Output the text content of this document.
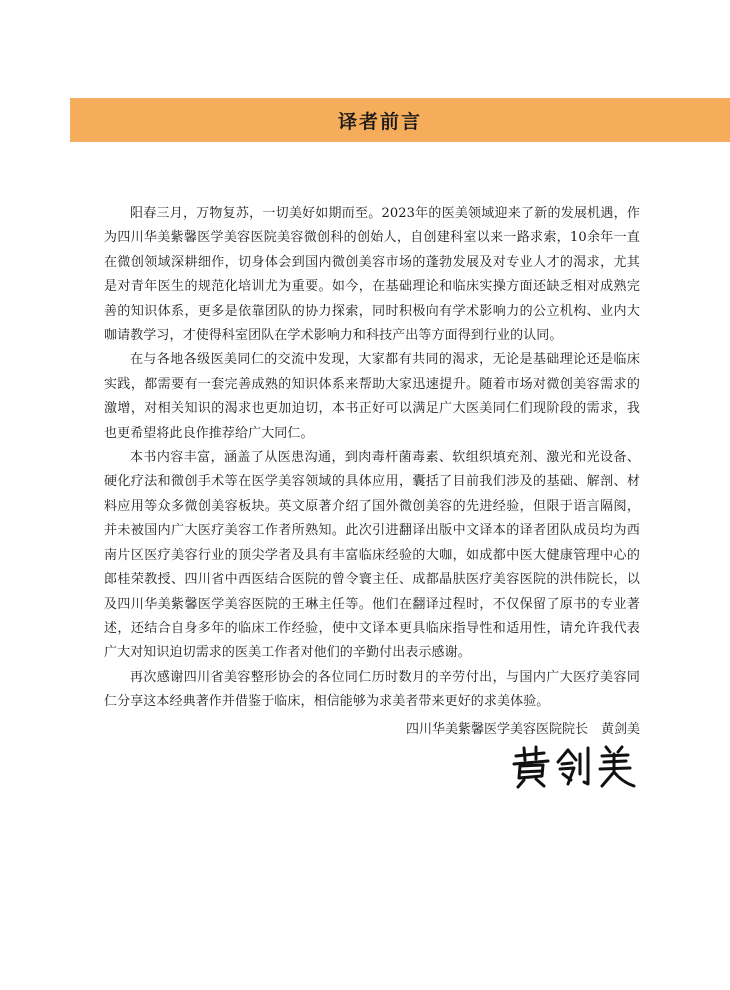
译者前言

阳春三月，万物复苏，一切美好如期而至。2023年的医美领域迎来了新的发展机遇，作为四川华美紫馨医学美容医院美容微创科的创始人，自创建科室以来一路求索，10余年一直在微创领域深耕细作，切身体会到国内微创美容市场的蓬勃发展及对专业人才的渴求，尤其是对青年医生的规范化培训尤为重要。如今，在基础理论和临床实操方面还缺乏相对成熟完善的知识体系，更多是依靠团队的协力探索，同时积极向有学术影响力的公立机构、业内大咖请教学习，才使得科室团队在学术影响力和科技产出等方面得到行业的认同。

在与各地各级医美同仁的交流中发现，大家都有共同的渴求，无论是基础理论还是临床实践，都需要有一套完善成熟的知识体系来帮助大家迅速提升。随着市场对微创美容需求的激增，对相关知识的渴求也更加迫切，本书正好可以满足广大医美同仁们现阶段的需求，我也更希望将此良作推荐给广大同仁。

本书内容丰富，涵盖了从医患沟通，到肉毒杆菌毒素、软组织填充剂、激光和光设备、硬化疗法和微创手术等在医学美容领域的具体应用，囊括了目前我们涉及的基础、解剖、材料应用等众多微创美容板块。英文原著介绍了国外微创美容的先进经验，但限于语言隔阂，并未被国内广大医疗美容工作者所熟知。此次引进翻译出版中文译本的译者团队成员均为西南片区医疗美容行业的顶尖学者及具有丰富临床经验的大咖，如成都中医大健康管理中心的郎桂荣教授、四川省中西医结合医院的曾令寰主任、成都晶肤医疗美容医院的洪伟院长，以及四川华美紫馨医学美容医院的王琳主任等。他们在翻译过程时，不仅保留了原书的专业著述，还结合自身多年的临床工作经验，使中文译本更具临床指导性和适用性，请允许我代表广大对知识迫切需求的医美工作者对他们的辛勤付出表示感谢。

再次感谢四川省美容整形协会的各位同仁历时数月的辛劳付出，与国内广大医疗美容同仁分享这本经典著作并借鉴于临床，相信能够为求美者带来更好的求美体验。

四川华美紫馨医学美容医院院长　黄剑美
